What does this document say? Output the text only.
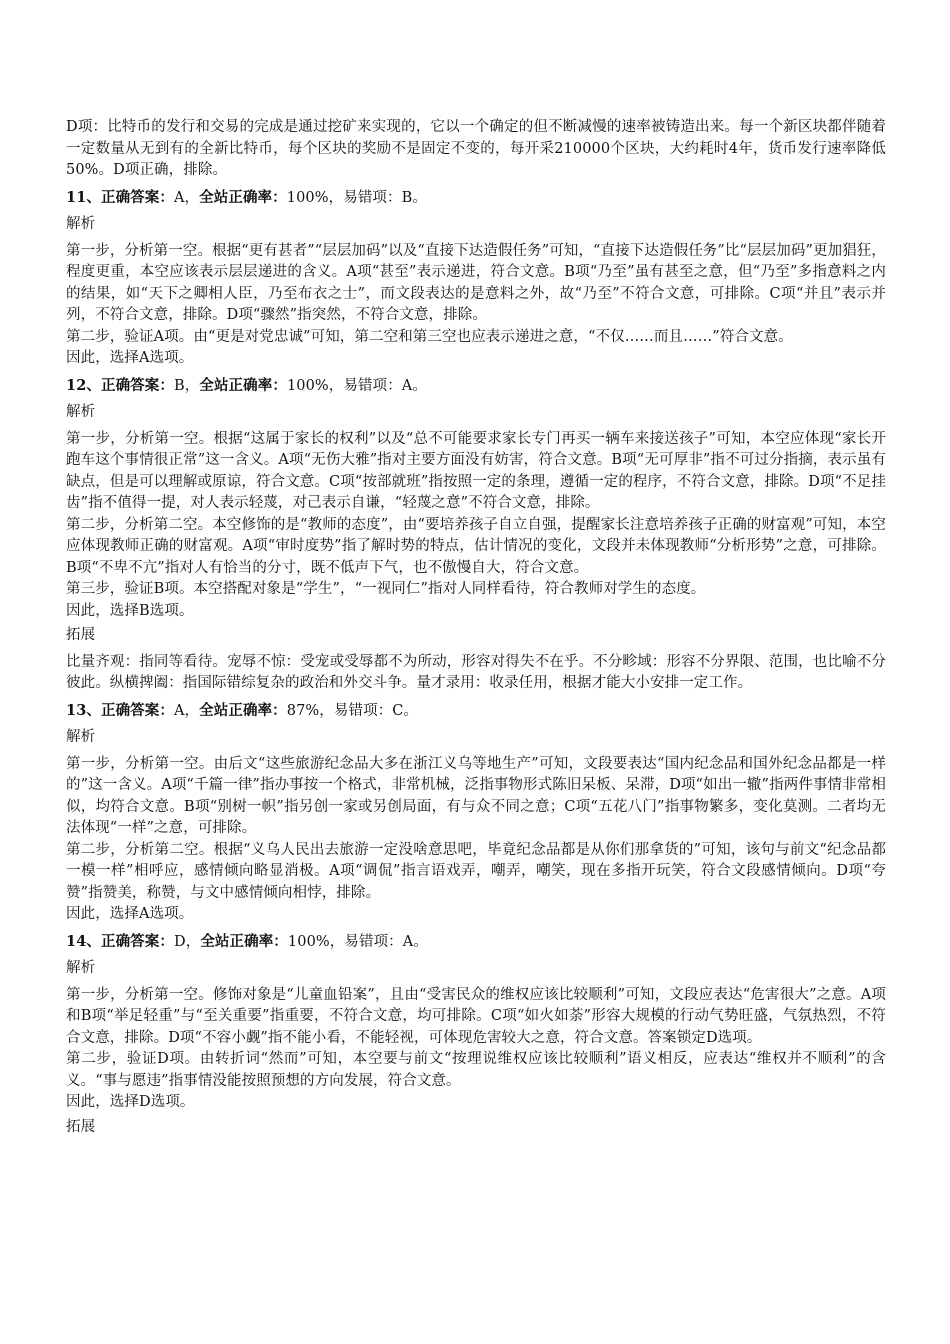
D项：比特币的发行和交易的完成是通过挖矿来实现的，它以一个确定的但不断减慢的速率被铸造出来。每一个新区块都伴随着一定数量从无到有的全新比特币，每个区块的奖励不是固定不变的，每开采210000个区块，大约耗时4年，货币发行速率降低50%。D项正确，排除。

11、正确答案：A，全站正确率：100%，易错项：B。

解析

第一步，分析第一空。根据“更有甚者”“层层加码”以及“直接下达造假任务”可知，“直接下达造假任务”比“层层加码”更加猖狂，程度更重，本空应该表示层层递进的含义。A项“甚至”表示递进，符合文意。B项“乃至”虽有甚至之意，但“乃至”多指意料之内的结果，如“天下之卿相人臣，乃至布衣之士”，而文段表达的是意料之外，故“乃至”不符合文意，可排除。C项“并且”表示并列，不符合文意，排除。D项“骤然”指突然，不符合文意，排除。

第二步，验证A项。由“更是对党忠诚”可知，第二空和第三空也应表示递进之意，“不仅……而且……”符合文意。

因此，选择A选项。

12、正确答案：B，全站正确率：100%，易错项：A。

解析

第一步，分析第一空。根据“这属于家长的权利”以及“总不可能要求家长专门再买一辆车来接送孩子”可知，本空应体现“家长开跑车这个事情很正常”这一含义。A项“无伤大雅”指对主要方面没有妨害，符合文意。B项“无可厚非”指不可过分指摘，表示虽有缺点，但是可以理解或原谅，符合文意。C项“按部就班”指按照一定的条理，遵循一定的程序，不符合文意，排除。D项“不足挂齿”指不值得一提，对人表示轻蔑，对己表示自谦，“轻蔑之意”不符合文意，排除。

第二步，分析第二空。本空修饰的是“教师的态度”，由“要培养孩子自立自强，提醒家长注意培养孩子正确的财富观”可知，本空应体现教师正确的财富观。A项“审时度势”指了解时势的特点，估计情况的变化，文段并未体现教师“分析形势”之意，可排除。B项“不卑不亢”指对人有恰当的分寸，既不低声下气，也不傲慢自大，符合文意。

第三步，验证B项。本空搭配对象是“学生”，“一视同仁”指对人同样看待，符合教师对学生的态度。

因此，选择B选项。

拓展

比量齐观：指同等看待。宠辱不惊：受宠或受辱都不为所动，形容对得失不在乎。不分畛域：形容不分界限、范围，也比喻不分彼此。纵横捭阖：指国际错综复杂的政治和外交斗争。量才录用：收录任用，根据才能大小安排一定工作。

13、正确答案：A，全站正确率：87%，易错项：C。

解析

第一步，分析第一空。由后文“这些旅游纪念品大多在浙江义乌等地生产”可知，文段要表达“国内纪念品和国外纪念品都是一样的”这一含义。A项“千篇一律”指办事按一个格式，非常机械，泛指事物形式陈旧呆板、呆滞，D项“如出一辙”指两件事情非常相似，均符合文意。B项“别树一帜”指另创一家或另创局面，有与众不同之意；C项“五花八门”指事物繁多，变化莫测。二者均无法体现“一样”之意，可排除。

第二步，分析第二空。根据“义乌人民出去旅游一定没啥意思吧，毕竟纪念品都是从你们那拿货的”可知，该句与前文“纪念品都一模一样”相呼应，感情倾向略显消极。A项“调侃”指言语戏弄，嘲弄，嘲笑，现在多指开玩笑，符合文段感情倾向。D项“夸赞”指赞美，称赞，与文中感情倾向相悖，排除。

因此，选择A选项。

14、正确答案：D，全站正确率：100%，易错项：A。

解析

第一步，分析第一空。修饰对象是“儿童血铅案”，且由“受害民众的维权应该比较顺利”可知，文段应表达“危害很大”之意。A项和B项“举足轻重”与“至关重要”指重要，不符合文意，均可排除。C项“如火如荼”形容大规模的行动气势旺盛，气氛热烈，不符合文意，排除。D项“不容小觑”指不能小看，不能轻视，可体现危害较大之意，符合文意。答案锁定D选项。

第二步，验证D项。由转折词“然而”可知，本空要与前文“按理说维权应该比较顺利”语义相反，应表达“维权并不顺利”的含义。“事与愿违”指事情没能按照预想的方向发展，符合文意。

因此，选择D选项。

拓展
